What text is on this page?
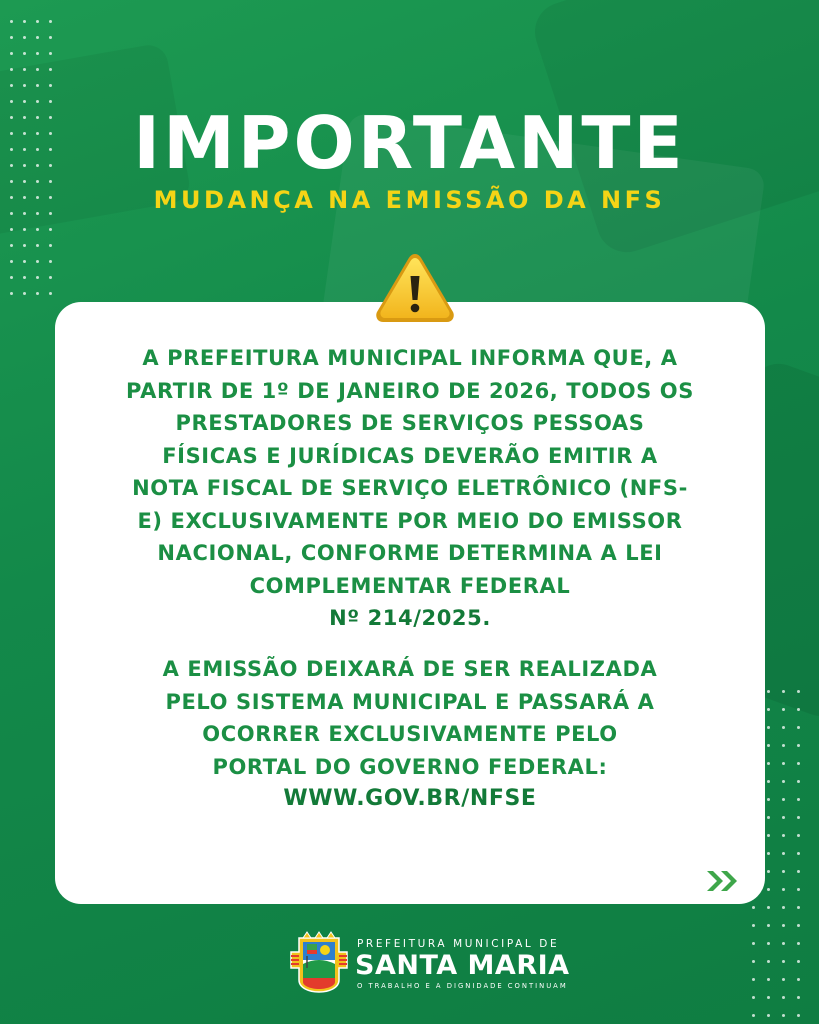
IMPORTANTE
MUDANÇA NA EMISSÃO DA NFS

A PREFEITURA MUNICIPAL INFORMA QUE, A
PARTIR DE 1º DE JANEIRO DE 2026, TODOS OS
PRESTADORES DE SERVIÇOS PESSOAS
FÍSICAS E JURÍDICAS DEVERÃO EMITIR A
NOTA FISCAL DE SERVIÇO ELETRÔNICO (NFS-
E) EXCLUSIVAMENTE POR MEIO DO EMISSOR
NACIONAL, CONFORME DETERMINA A LEI
COMPLEMENTAR FEDERAL
Nº 214/2025.

A EMISSÃO DEIXARÁ DE SER REALIZADA
PELO SISTEMA MUNICIPAL E PASSARÁ A
OCORRER EXCLUSIVAMENTE PELO
PORTAL DO GOVERNO FEDERAL:
WWW.GOV.BR/NFSE

PREFEITURA MUNICIPAL DE
SANTA MARIA
O TRABALHO E A DIGNIDADE CONTINUAM
